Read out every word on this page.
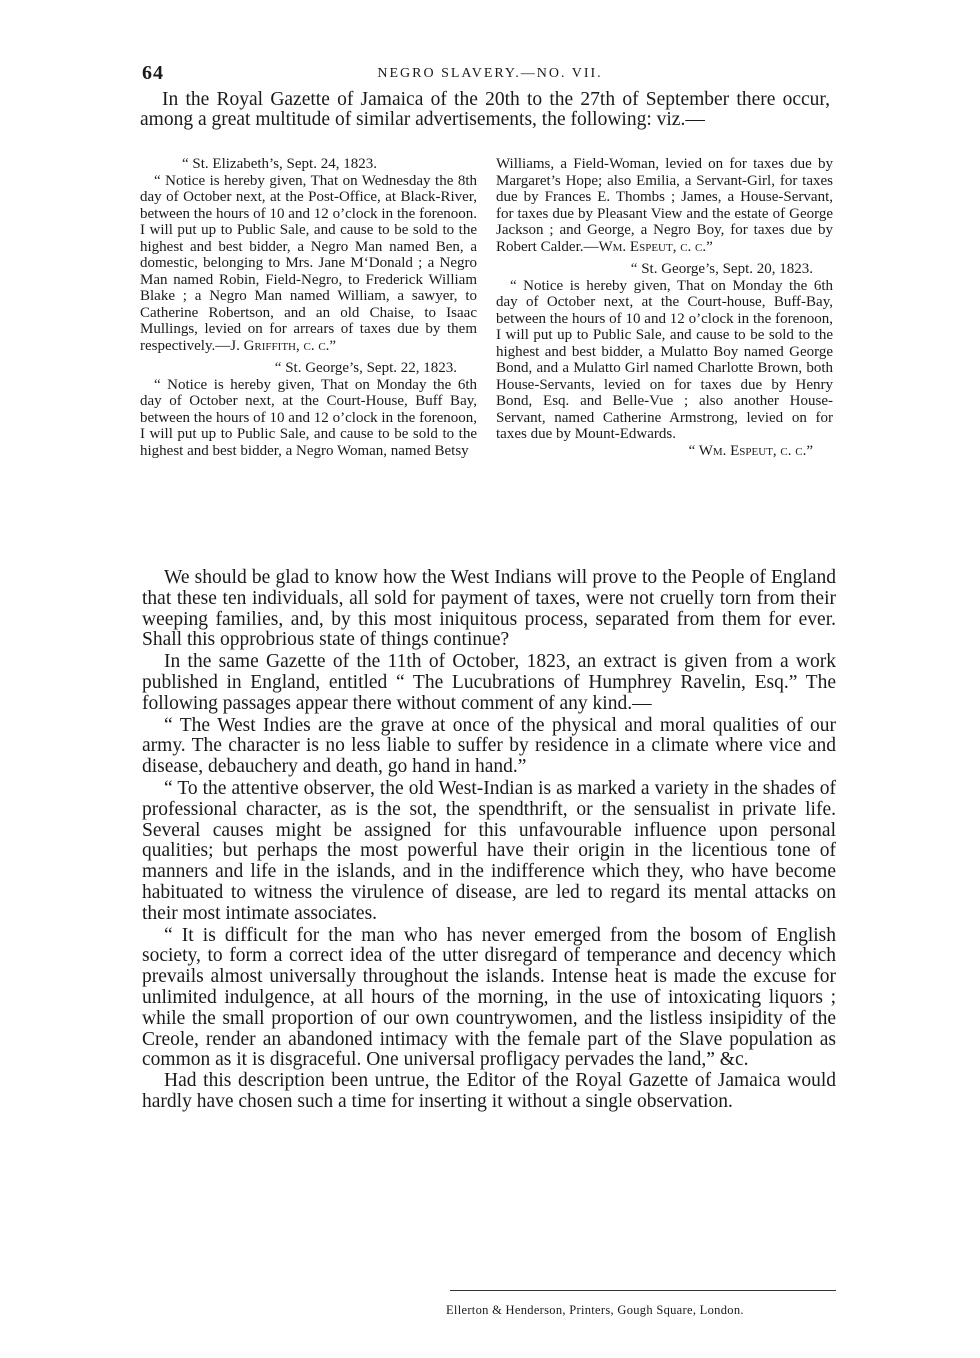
64	NEGRO SLAVERY.—NO. VII.

In the Royal Gazette of Jamaica of the 20th to the 27th of September there occur, among a great multitude of similar advertisements, the following: viz.—

“ St. Elizabeth’s, Sept. 24, 1823.

“ Notice is hereby given, That on Wednesday the 8th day of October next, at the Post-Office, at Black-River, between the hours of 10 and 12 o’clock in the forenoon. I will put up to Public Sale, and cause to be sold to the highest and best bidder, a Negro Man named Ben, a domestic, belonging to Mrs. Jane M‘Donald ; a Negro Man named Robin, Field-Negro, to Frederick William Blake ; a Negro Man named William, a sawyer, to Catherine Robertson, and an old Chaise, to Isaac Mullings, levied on for arrears of taxes due by them respectively.—J. Griffith, c. c.”

“ St. George’s, Sept. 22, 1823.

“ Notice is hereby given, That on Monday the 6th day of October next, at the Court-House, Buff Bay, between the hours of 10 and 12 o’clock in the forenoon, I will put up to Public Sale, and cause to be sold to the highest and best bidder, a Negro Woman, named Betsy

Williams, a Field-Woman, levied on for taxes due by Margaret’s Hope; also Emilia, a Servant-Girl, for taxes due by Frances E. Thombs ; James, a House-Servant, for taxes due by Pleasant View and the estate of George Jackson ; and George, a Negro Boy, for taxes due by Robert Calder.—Wm. Espeut, c. c.”

“ St. George’s, Sept. 20, 1823.

“ Notice is hereby given, That on Monday the 6th day of October next, at the Court-house, Buff-Bay, between the hours of 10 and 12 o’clock in the forenoon, I will put up to Public Sale, and cause to be sold to the highest and best bidder, a Mulatto Boy named George Bond, and a Mulatto Girl named Charlotte Brown, both House-Servants, levied on for taxes due by Henry Bond, Esq. and Belle-Vue ; also another House-Servant, named Catherine Armstrong, levied on for taxes due by Mount-Edwards.

“ Wm. Espeut, c. c.”

We should be glad to know how the West Indians will prove to the People of England that these ten individuals, all sold for payment of taxes, were not cruelly torn from their weeping families, and, by this most iniquitous process, separated from them for ever. Shall this opprobrious state of things continue?

In the same Gazette of the 11th of October, 1823, an extract is given from a work published in England, entitled “ The Lucubrations of Humphrey Ravelin, Esq.” The following passages appear there without comment of any kind.—

“ The West Indies are the grave at once of the physical and moral qualities of our army. The character is no less liable to suffer by residence in a climate where vice and disease, debauchery and death, go hand in hand.”

“ To the attentive observer, the old West-Indian is as marked a variety in the shades of professional character, as is the sot, the spendthrift, or the sensualist in private life. Several causes might be assigned for this unfavourable influence upon personal qualities; but perhaps the most powerful have their origin in the licentious tone of manners and life in the islands, and in the indifference which they, who have become habituated to witness the virulence of disease, are led to regard its mental attacks on their most intimate associates.

“ It is difficult for the man who has never emerged from the bosom of English society, to form a correct idea of the utter disregard of temperance and decency which prevails almost universally throughout the islands. Intense heat is made the excuse for unlimited indulgence, at all hours of the morning, in the use of intoxicating liquors ; while the small proportion of our own countrywomen, and the listless insipidity of the Creole, render an abandoned intimacy with the female part of the Slave population as common as it is disgraceful. One universal profligacy pervades the land,” &c.

Had this description been untrue, the Editor of the Royal Gazette of Jamaica would hardly have chosen such a time for inserting it without a single observation.

Ellerton & Henderson, Printers, Gough Square, London.
